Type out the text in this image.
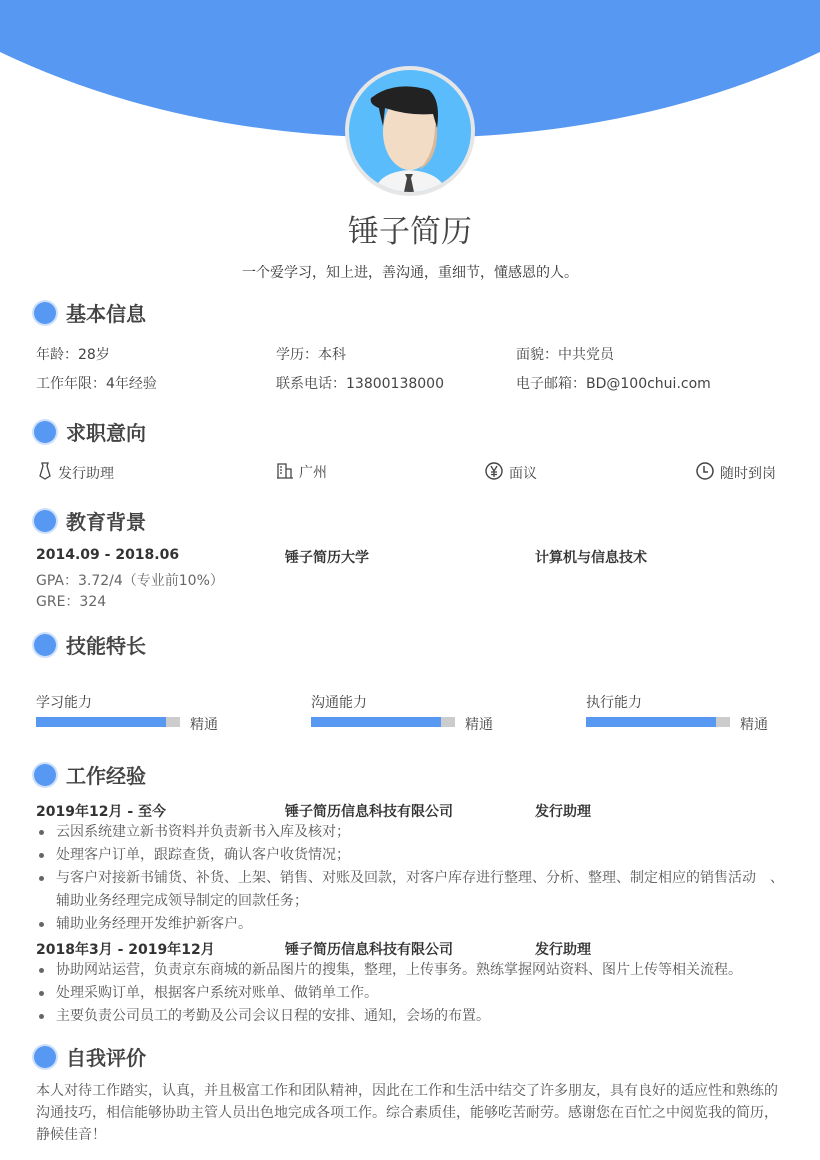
锤子简历
一个爱学习，知上进，善沟通，重细节，懂感恩的人。
基本信息
年龄：28岁	学历：本科	面貌：中共党员
工作年限：4年经验	联系电话：13800138000	电子邮箱：BD@100chui.com
求职意向
发行助理	广州	面议	随时到岗
教育背景
2014.09 - 2018.06	锤子简历大学	计算机与信息技术
GPA：3.72/4（专业前10%）
GRE：324
技能特长
学习能力
精通
沟通能力
精通
执行能力
精通
工作经验
2019年12月 - 至今	锤子简历信息科技有限公司	发行助理
云因系统建立新书资料并负责新书入库及核对；
处理客户订单，跟踪查货，确认客户收货情况；
与客户对接新书铺货、补货、上架、销售、对账及回款，对客户库存进行整理、分析、整理、制定相应的销售活动　、辅助业务经理完成领导制定的回款任务；
辅助业务经理开发维护新客户。
2018年3月 - 2019年12月	锤子简历信息科技有限公司	发行助理
协助网站运营，负责京东商城的新品图片的搜集，整理，上传事务。熟练掌握网站资料、图片上传等相关流程。
处理采购订单，根据客户系统对账单、做销单工作。
主要负责公司员工的考勤及公司会议日程的安排、通知，会场的布置。
自我评价
本人对待工作踏实，认真，并且极富工作和团队精神，因此在工作和生活中结交了许多朋友，具有良好的适应性和熟练的沟通技巧，相信能够协助主管人员出色地完成各项工作。综合素质佳，能够吃苦耐劳。感谢您在百忙之中阅览我的简历，静候佳音！
